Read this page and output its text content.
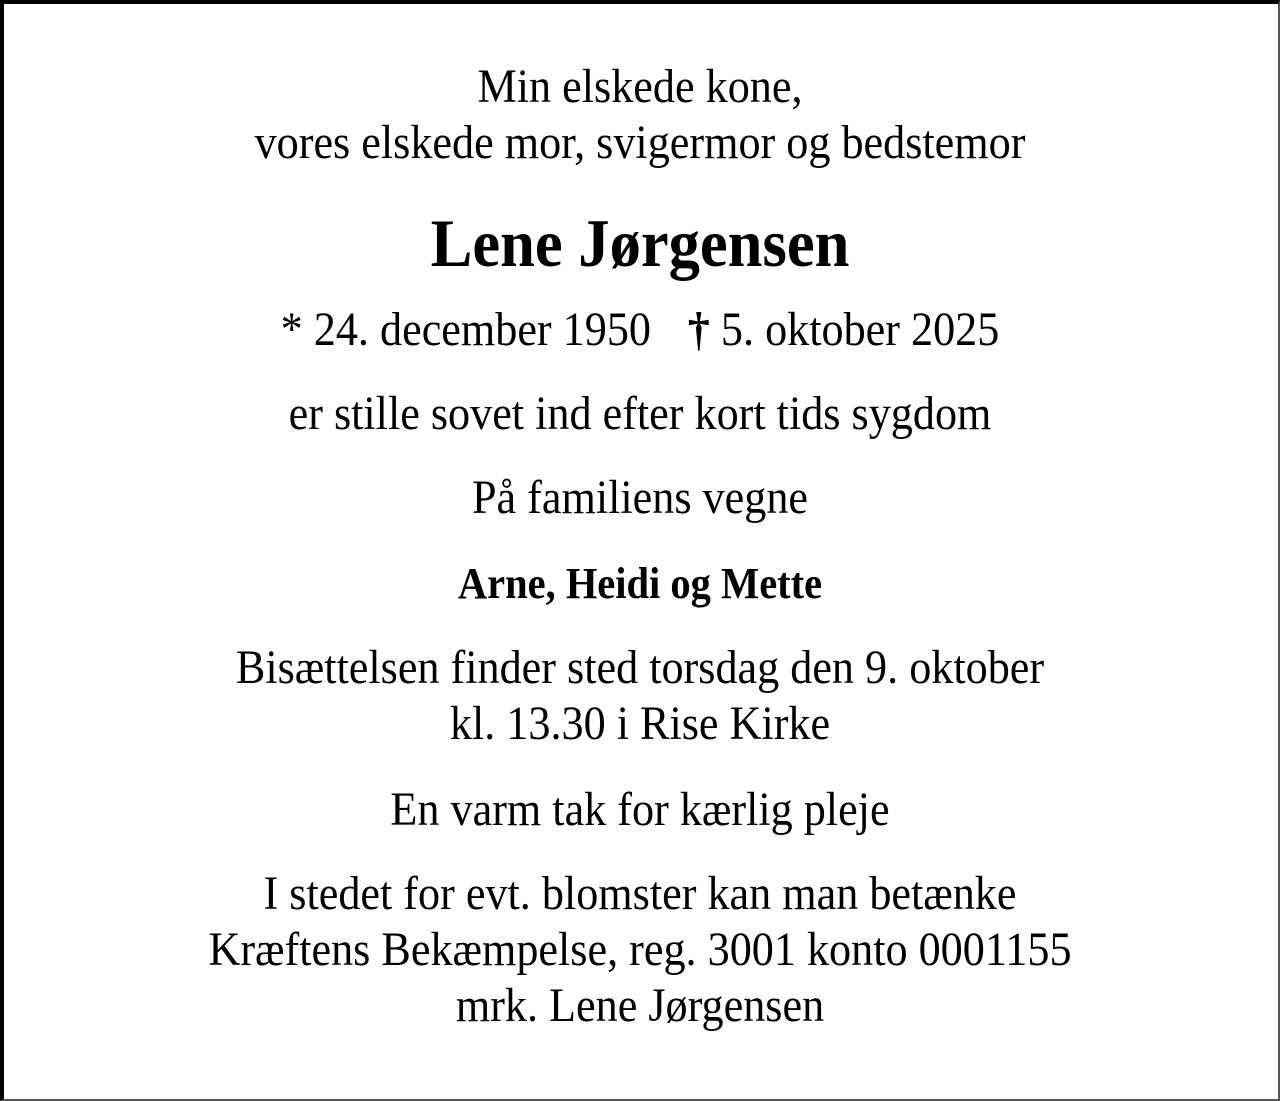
Min elskede kone,
vores elskede mor, svigermor og bedstemor
Lene Jørgensen
* 24. december 1950 † 5. oktober 2025
er stille sovet ind efter kort tids sygdom
På familiens vegne
Arne, Heidi og Mette
Bisættelsen finder sted torsdag den 9. oktober
kl. 13.30 i Rise Kirke
En varm tak for kærlig pleje
I stedet for evt. blomster kan man betænke
Kræftens Bekæmpelse, reg. 3001 konto 0001155
mrk. Lene Jørgensen
